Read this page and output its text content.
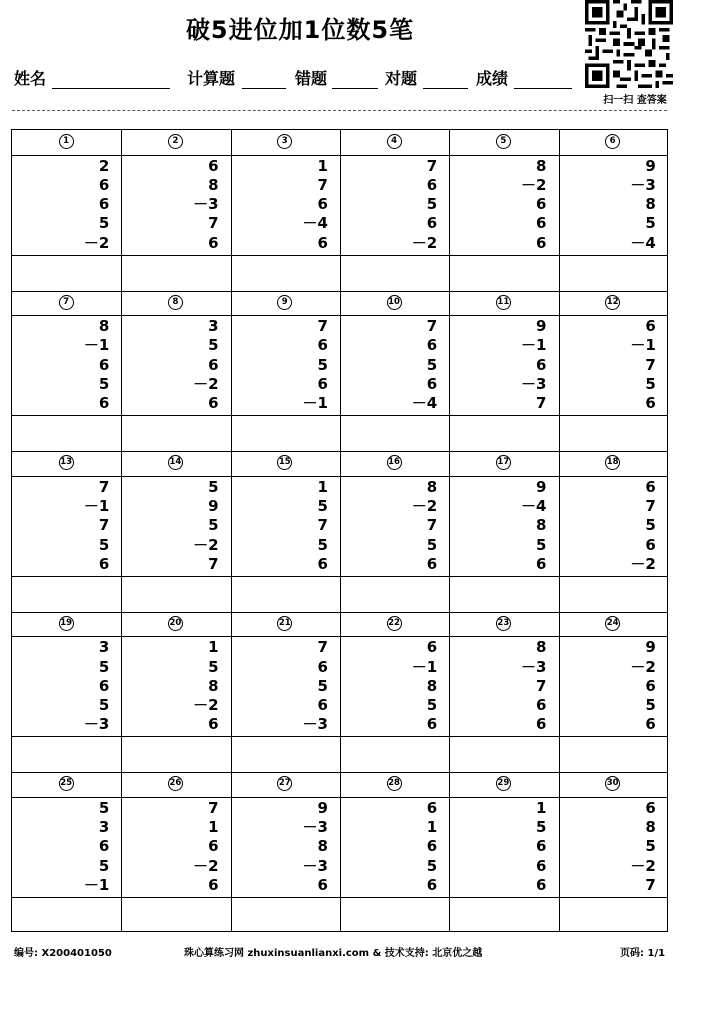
破5进位加1位数5笔
姓名	计算题	错题	对题	成绩
扫一扫 查答案
1
2
6
6
5
－2
2
6
8
－3
7
6
3
1
7
6
－4
6
4
7
6
5
6
－2
5
8
－2
6
6
6
6
9
－3
8
5
－4
7
8
－1
6
5
6
8
3
5
6
－2
6
9
7
6
5
6
－1
10
7
6
5
6
－4
11
9
－1
6
－3
7
12
6
－1
7
5
6
13
7
－1
7
5
6
14
5
9
5
－2
7
15
1
5
7
5
6
16
8
－2
7
5
6
17
9
－4
8
5
6
18
6
7
5
6
－2
19
3
5
6
5
－3
20
1
5
8
－2
6
21
7
6
5
6
－3
22
6
－1
8
5
6
23
8
－3
7
6
6
24
9
－2
6
5
6
25
5
3
6
5
－1
26
7
1
6
－2
6
27
9
－3
8
－3
6
28
6
1
6
5
6
29
1
5
6
6
6
30
6
8
5
－2
7
编号: X200401050	珠心算练习网 zhuxinsuanlianxi.com & 技术支持: 北京优之越	页码: 1/1
